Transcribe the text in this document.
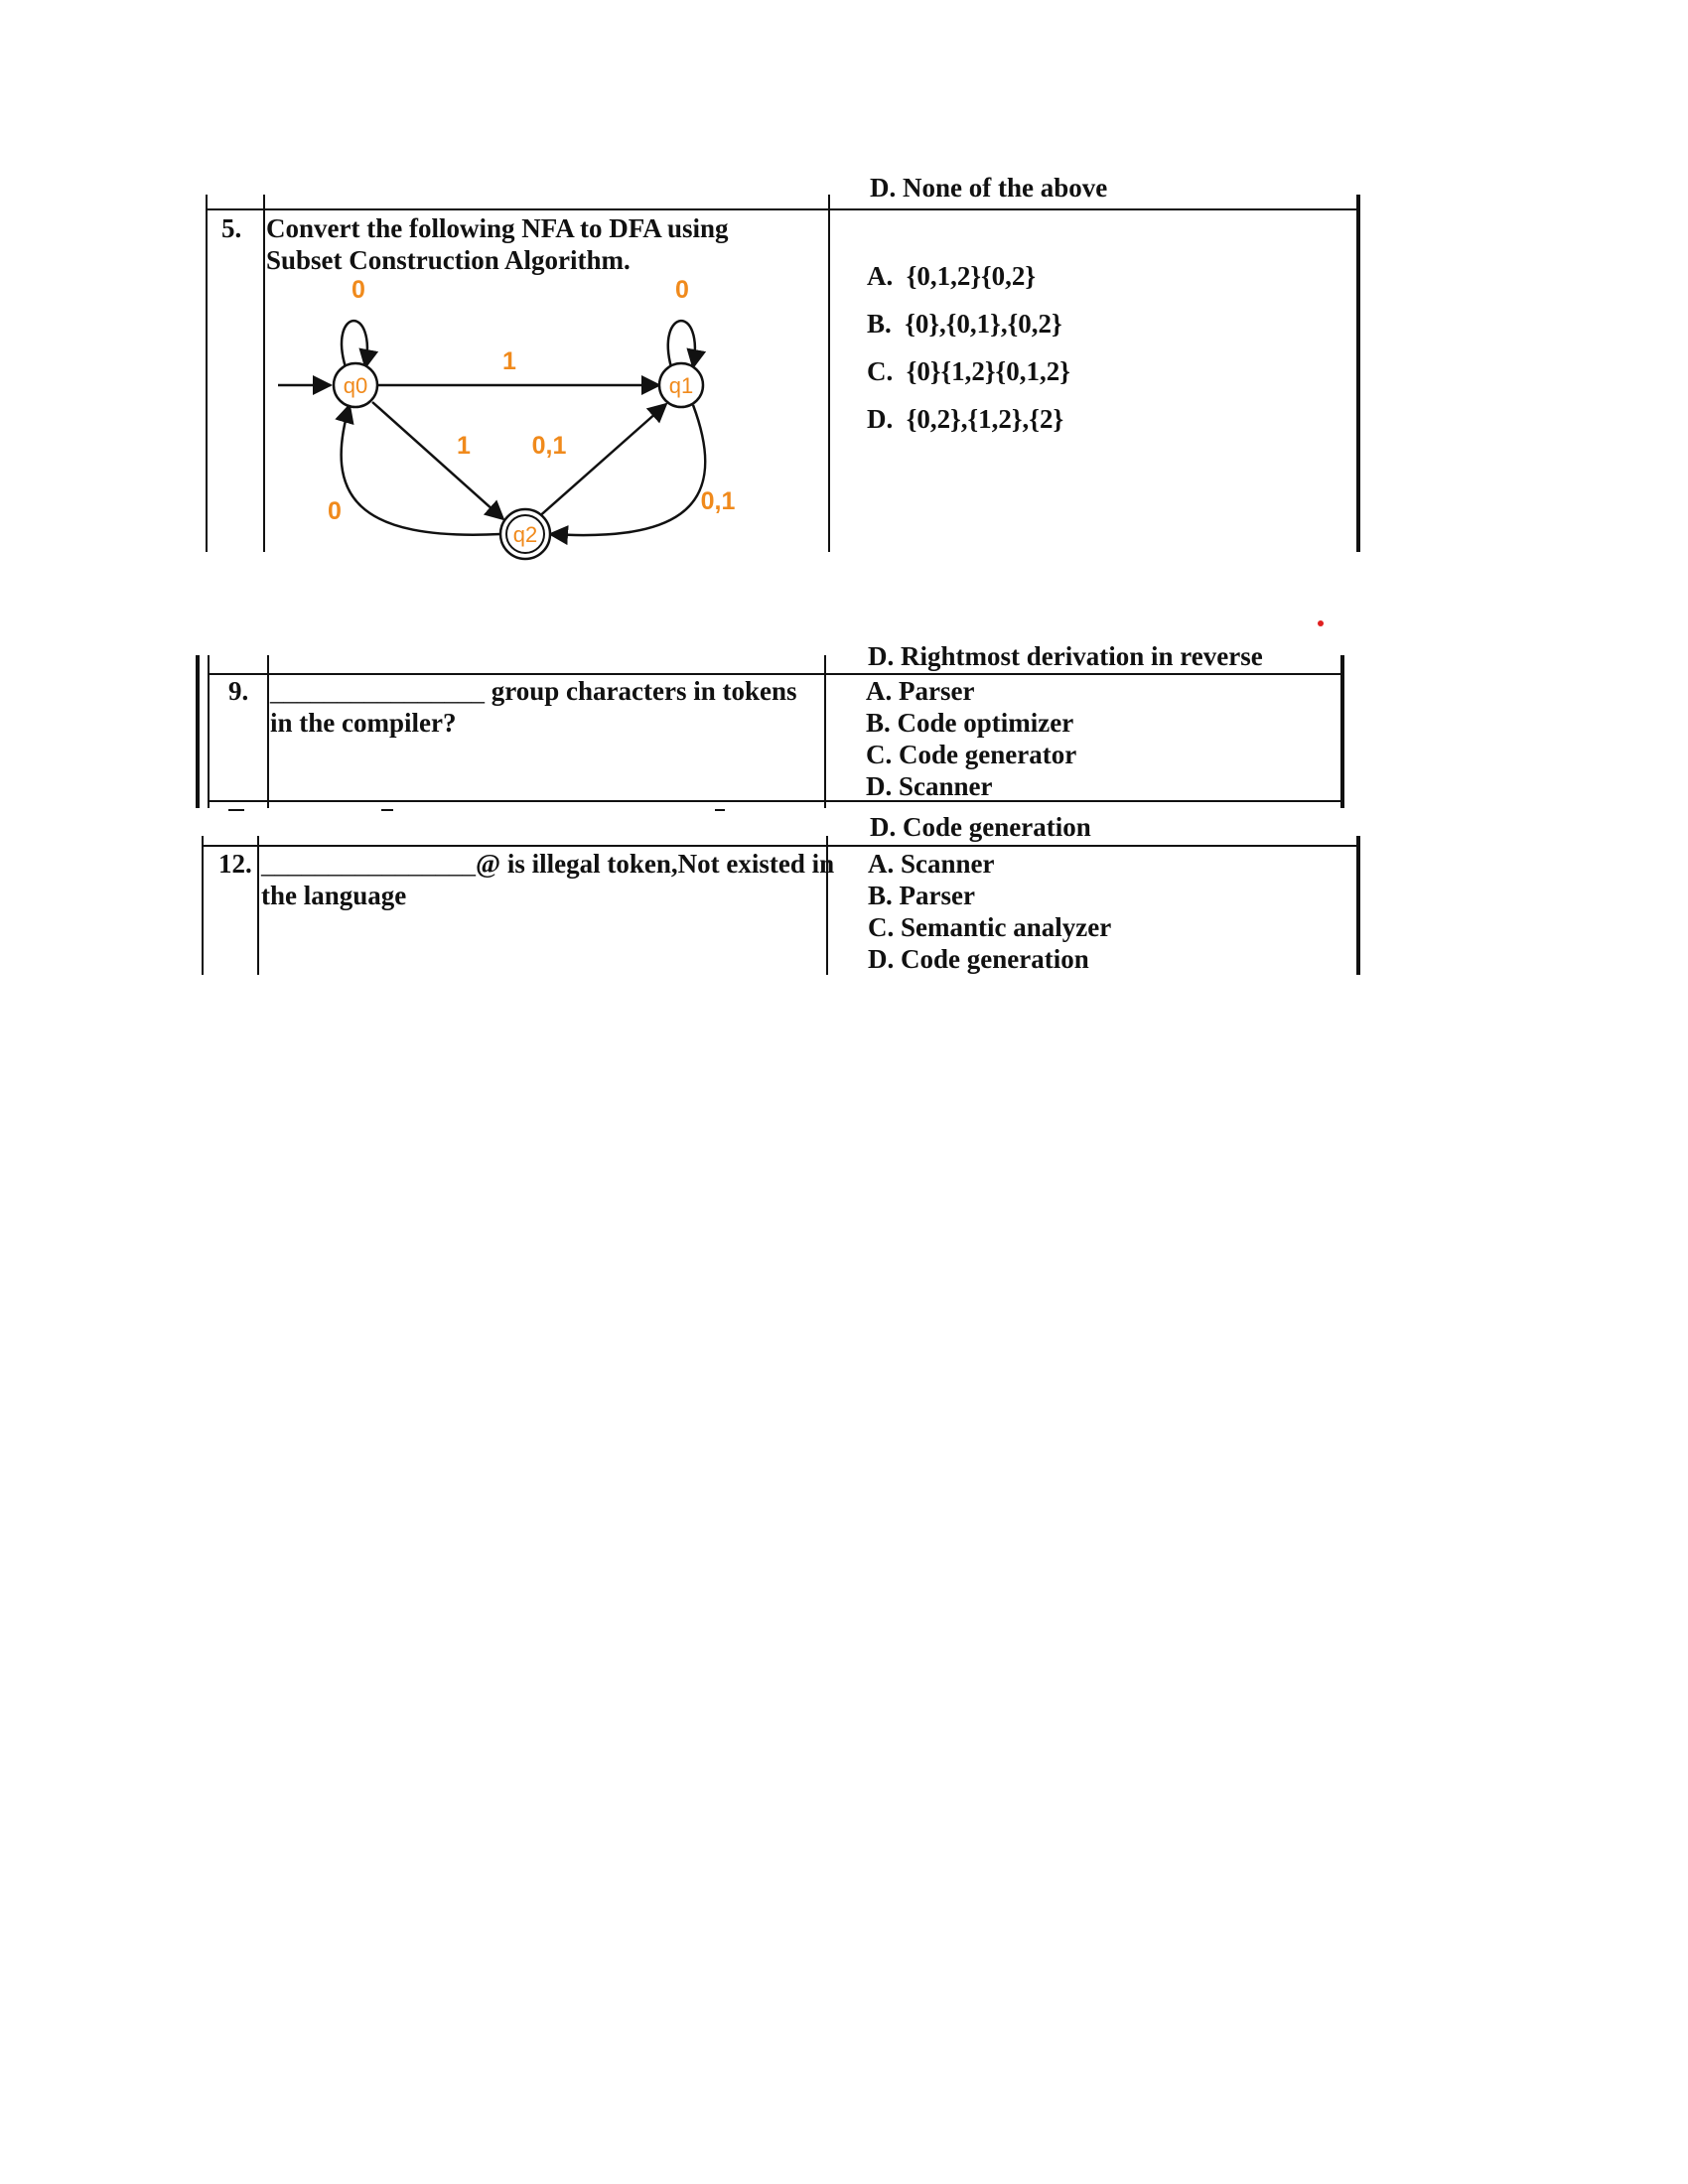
D. None of the above
5. Convert the following NFA to DFA using
Subset Construction Algorithm.
q0	q1
q2
0	0
1
1 0,1
0,1
0
A. {0,1,2}{0,2}
B. {0},{0,1},{0,2}
C. {0}{1,2}{0,1,2}
D. {0,2},{1,2},{2}
D. Rightmost derivation in reverse
9. ________________ group characters in tokens
in the compiler?
A. Parser
B. Code optimizer
C. Code generator
D. Scanner
D. Code generation
12. ________________@ is illegal token,Not existed in
the language
A. Scanner
B. Parser
C. Semantic analyzer
D. Code generation
